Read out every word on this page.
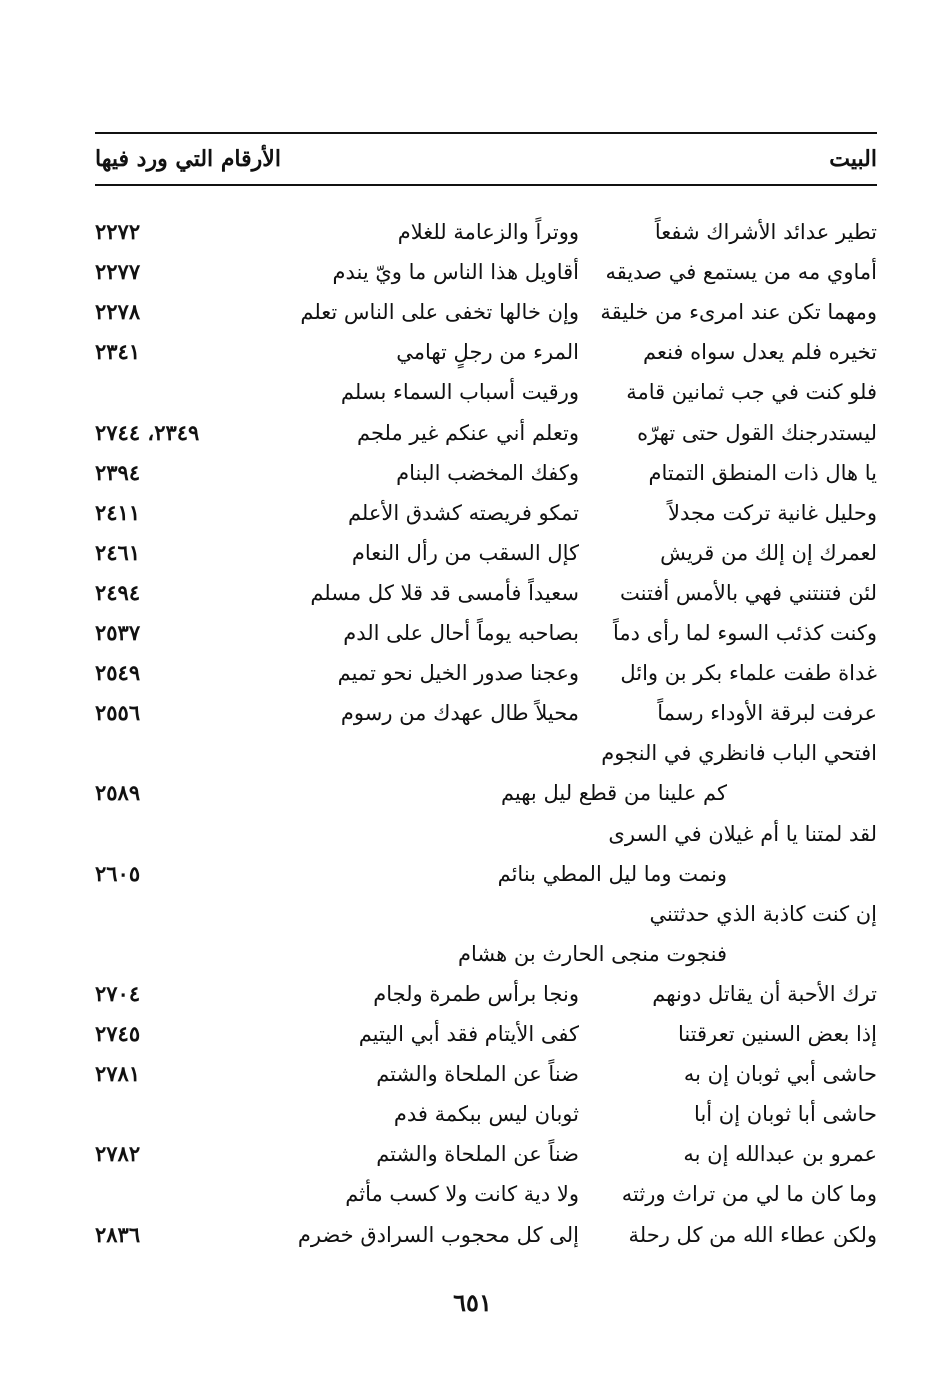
البيت
الأرقام التي ورد فيها
تطير عدائد الأشراك شفعاً
ووتراً والزعامة للغلام
٢٢٧٢
أماوي مه من يستمع في صديقه
أقاويل هذا الناس ما ويّ يندم
٢٢٧٧
ومهما تكن عند امرىء من خليقة
وإن خالها تخفى على الناس تعلم
٢٢٧٨
تخيره فلم يعدل سواه فنعم
المرء من رجلٍ تهامي
٢٣٤١
فلو كنت في جب ثمانين قامة
ورقيت أسباب السماء بسلم
ليستدرجنك القول حتى تهرّه
وتعلم أني عنكم غير ملجم
٢٣٤٩، ٢٧٤٤
يا هال ذات المنطق التمتام
وكفك المخضب البنام
٢٣٩٤
وحليل غانية تركت مجدلاً
تمكو فريصته كشدق الأعلم
٢٤١١
لعمرك إن إلك من قريش
كإل السقب من رأل النعام
٢٤٦١
لئن فتنتني فهي بالأمس أفتنت
سعيداً فأمسى قد قلا كل مسلم
٢٤٩٤
وكنت كذئب السوء لما رأى دماً
بصاحبه يوماً أحال على الدم
٢٥٣٧
غداة طفت علماء بكر بن وائل
وعجنا صدور الخيل نحو تميم
٢٥٤٩
عرفت لبرقة الأوداء رسماً
محيلاً طال عهدك من رسوم
٢٥٥٦
افتحي الباب فانظري في النجوم
كم علينا من قطع ليل بهيم
٢٥٨٩
لقد لمتنا يا أم غيلان في السرى
ونمت وما ليل المطي بنائم
٢٦٠٥
إن كنت كاذبة الذي حدثتني
فنجوت منجى الحارث بن هشام
ترك الأحبة أن يقاتل دونهم
ونجا برأس طمرة ولجام
٢٧٠٤
إذا بعض السنين تعرقتنا
كفى الأيتام فقد أبي اليتيم
٢٧٤٥
حاشى أبي ثوبان إن به
ضناً عن الملحاة والشتم
٢٧٨١
حاشى أبا ثوبان إن أبا
ثوبان ليس ببكمة فدم
عمرو بن عبدالله إن به
ضناً عن الملحاة والشتم
٢٧٨٢
وما كان ما لي من تراث ورثته
ولا دية كانت ولا كسب مأثم
ولكن عطاء الله من كل رحلة
إلى كل محجوب السرادق خضرم
٢٨٣٦
٦٥١
